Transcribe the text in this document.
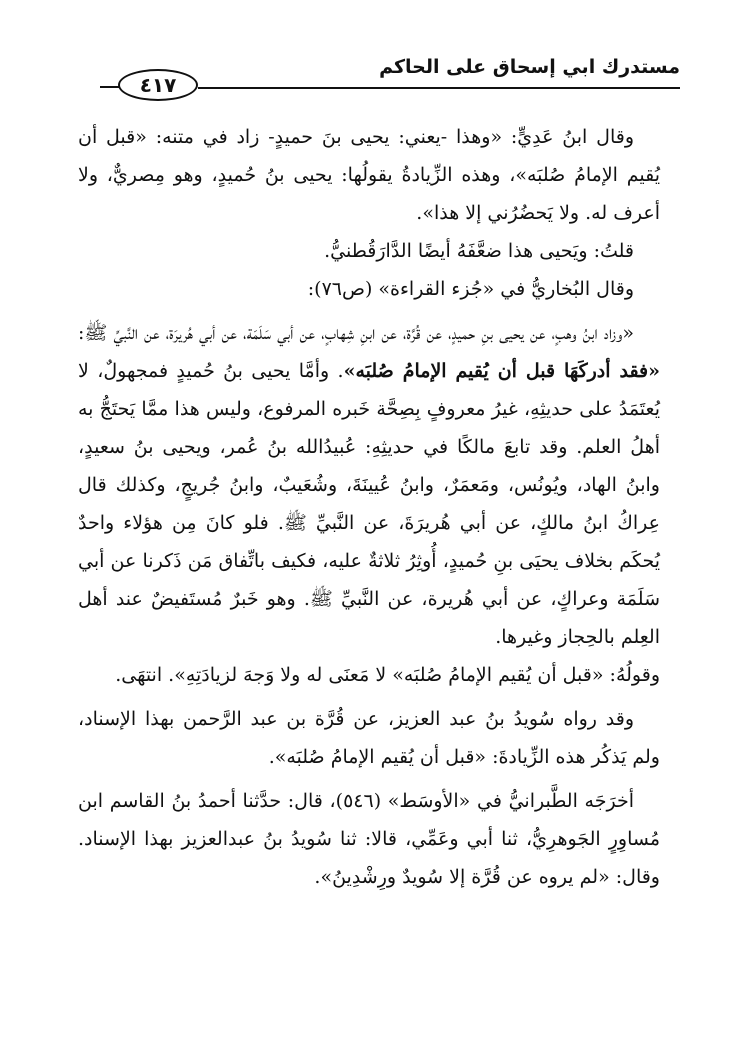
مستدرك ابي إسحاق على الحاكم
٤١٧

وقال ابنُ عَدِيٍّ: «وهذا -يعني: يحيى بنَ حميدٍ- زاد في متنه: «قبل أن يُقيم الإمامُ صُلبَه»، وهذه الزِّيادةُ يقولُها: يحيى بنُ حُميدٍ، وهو مِصريٌّ، ولا أعرف له. ولا يَحضُرُني إلا هذا».

قلتُ: ويَحيى هذا ضعَّفَهُ أيضًا الدَّارَقُطنيُّ.

وقال البُخاريُّ في «جُزء القراءة» (ص٧٦):

«وزاد ابنُ وهبٍ، عن يحيى بنِ حميدٍ، عن قُرَّة، عن ابنِ شِهابٍ، عن أبي سَلَمَة، عن أبي هُريرَة، عن النَّبيِّ ﷺ: «فقد أدركَهَا قبل أن يُقيم الإمامُ صُلبَه». وأمَّا يحيى بنُ حُميدٍ فمجهولٌ، لا يُعتَمَدُ على حديثِهِ، غيرُ معروفٍ بِصِحَّة خَبره المرفوع، وليس هذا ممَّا يَحتَجُّ به أهلُ العلم. وقد تابعَ مالكًا في حديثِهِ: عُبيدُالله بنُ عُمر، ويحيى بنُ سعيدٍ، وابنُ الهاد، ويُونُس، ومَعمَرٌ، وابنُ عُيينَةَ، وشُعَيبٌ، وابنُ جُريجٍ، وكذلك قال عِراكُ ابنُ مالكٍ، عن أبي هُريرَةَ، عن النَّبيِّ ﷺ. فلو كانَ مِن هؤلاء واحدٌ يُحكَم بخلاف يحيَى بنِ حُميدٍ، أُوثِرُ ثلاثةٌ عليه، فكيف باتِّفاق مَن ذَكرنا عن أبي سَلَمَة وعراكٍ، عن أبي هُريرة، عن النَّبيِّ ﷺ. وهو خَبرٌ مُستَفيضٌ عند أهل العِلم بالحِجاز وغيرها.

وقولُهُ: «قبل أن يُقيم الإمامُ صُلبَه» لا مَعنَى له ولا وَجهَ لزيادَتِهِ». انتهَى.

وقد رواه سُويدُ بنُ عبد العزيز، عن قُرَّة بن عبد الرَّحمن بهذا الإسناد، ولم يَذكُر هذه الزِّيادةَ: «قبل أن يُقيم الإمامُ صُلبَه».

أخرَجَه الطَّبرانيُّ في «الأوسَط» (٥٤٦)، قال: حدَّثنا أحمدُ بنُ القاسم ابن مُساوِرٍ الجَوهرِيُّ، ثنا أبي وعَمِّي، قالا: ثنا سُويدُ بنُ عبدالعزيز بهذا الإسناد. وقال: «لم يروه عن قُرَّة إلا سُويدٌ ورِشْدِينُ».
